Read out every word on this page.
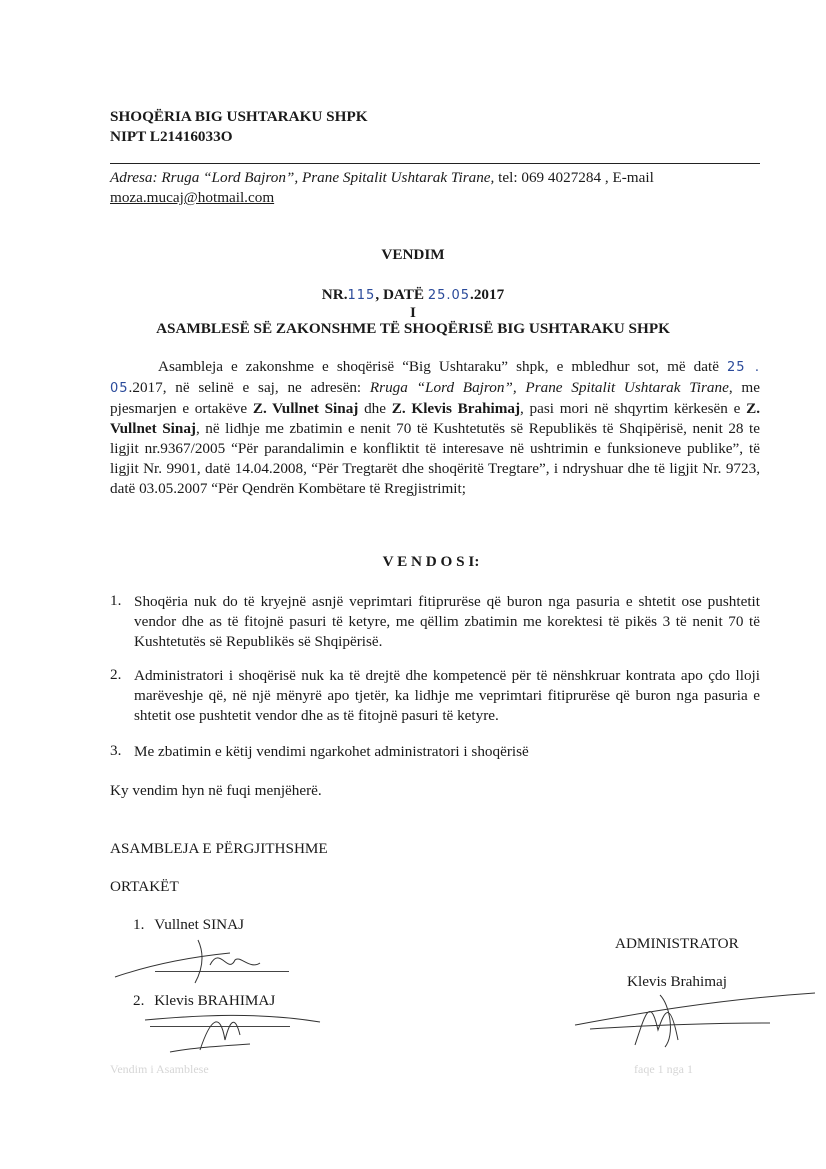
SHOQËRIA BIG USHTARAKU SHPK
NIPT L21416033O
Adresa: Rruga “Lord Bajron”, Prane Spitalit Ushtarak Tirane, tel: 069 4027284 , E-mail
moza.mucaj@hotmail.com
VENDIM
NR.115, DATË 25.05.2017
I
ASAMBLESË SË ZAKONSHME TË SHOQËRISË BIG USHTARAKU SHPK
Asambleja e zakonshme e shoqërisë “Big Ushtaraku” shpk, e mbledhur sot, më datë 25 . 05.2017, në selinë e saj, ne adresën: Rruga “Lord Bajron”, Prane Spitalit Ushtarak Tirane, me pjesmarjen e ortakëve Z. Vullnet Sinaj dhe Z. Klevis Brahimaj, pasi mori në shqyrtim kërkesën e Z. Vullnet Sinaj, në lidhje me zbatimin e nenit 70 të Kushtetutës së Republikës të Shqipërisë, nenit 28 te ligjit nr.9367/2005 “Për parandalimin e konfliktit të interesave në ushtrimin e funksioneve publike”, të ligjit Nr. 9901, datë 14.04.2008, “Për Tregtarët dhe shoqëritë Tregtare”, i ndryshuar dhe të ligjit Nr. 9723, datë 03.05.2007 “Për Qendrën Kombëtare të Rregjistrimit;
V E N D O S I:
1. Shoqëria nuk do të kryejnë asnjë veprimtari fitiprurëse që buron nga pasuria e shtetit ose pushtetit vendor dhe as të fitojnë pasuri të ketyre, me qëllim zbatimin me korektesi të pikës 3 të nenit 70 të Kushtetutës së Republikës së Shqipërisë.
2. Administratori i shoqërisë nuk ka të drejtë dhe kompetencë për të nënshkruar kontrata apo çdo lloji marëveshje që, në një mënyrë apo tjetër, ka lidhje me veprimtari fitiprurëse që buron nga pasuria e shtetit ose pushtetit vendor dhe as të fitojnë pasuri të ketyre.
3. Me zbatimin e këtij vendimi ngarkohet administratori i shoqërisë
Ky vendim hyn në fuqi menjëherë.
ASAMBLEJA E PËRGJITHSHME
ORTAKËT
1. Vullnet SINAJ
2. Klevis BRAHIMAJ
ADMINISTRATOR
Klevis Brahimaj
Vendim i Asamblese	faqe 1 nga 1
